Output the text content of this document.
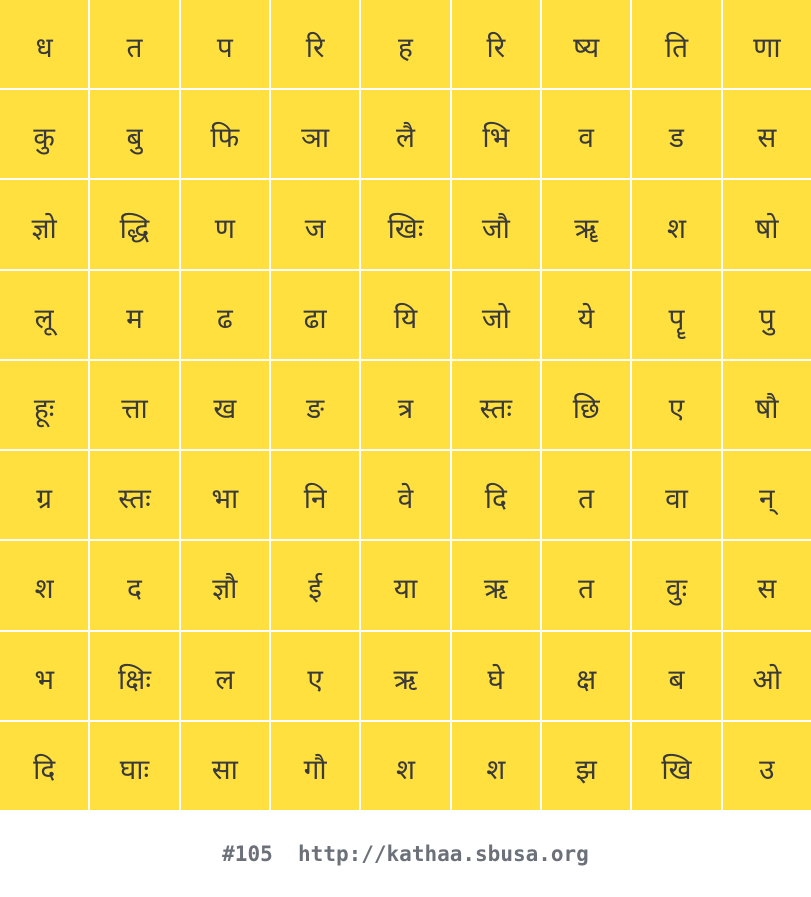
ध	त	प	रि	ह	रि	ष्य	ति	णा
कु	बु	फि	ञा	लै	भि	व	ड	स
ज्ञो	द्धि	ण	ज	खिः	जौ	ॠ	श	षो
लू	म	ढ	ढा	यि	जो	ये	पॄ	पु
हूः	त्ता	ख	ङ	त्र	स्तः	छि	ए	षौ
ग्र	स्तः	भा	नि	वे	दि	त	वा	न्
श	द	ज्ञौ	ई	या	ऋ	त	वुः	स
भ	क्षिः	ल	ए	ऋ	घे	क्ष	ब	ओ
दि	घाः	सा	गौ	श	श	झ	खि	उ
#105
http://kathaa.sbusa.org
